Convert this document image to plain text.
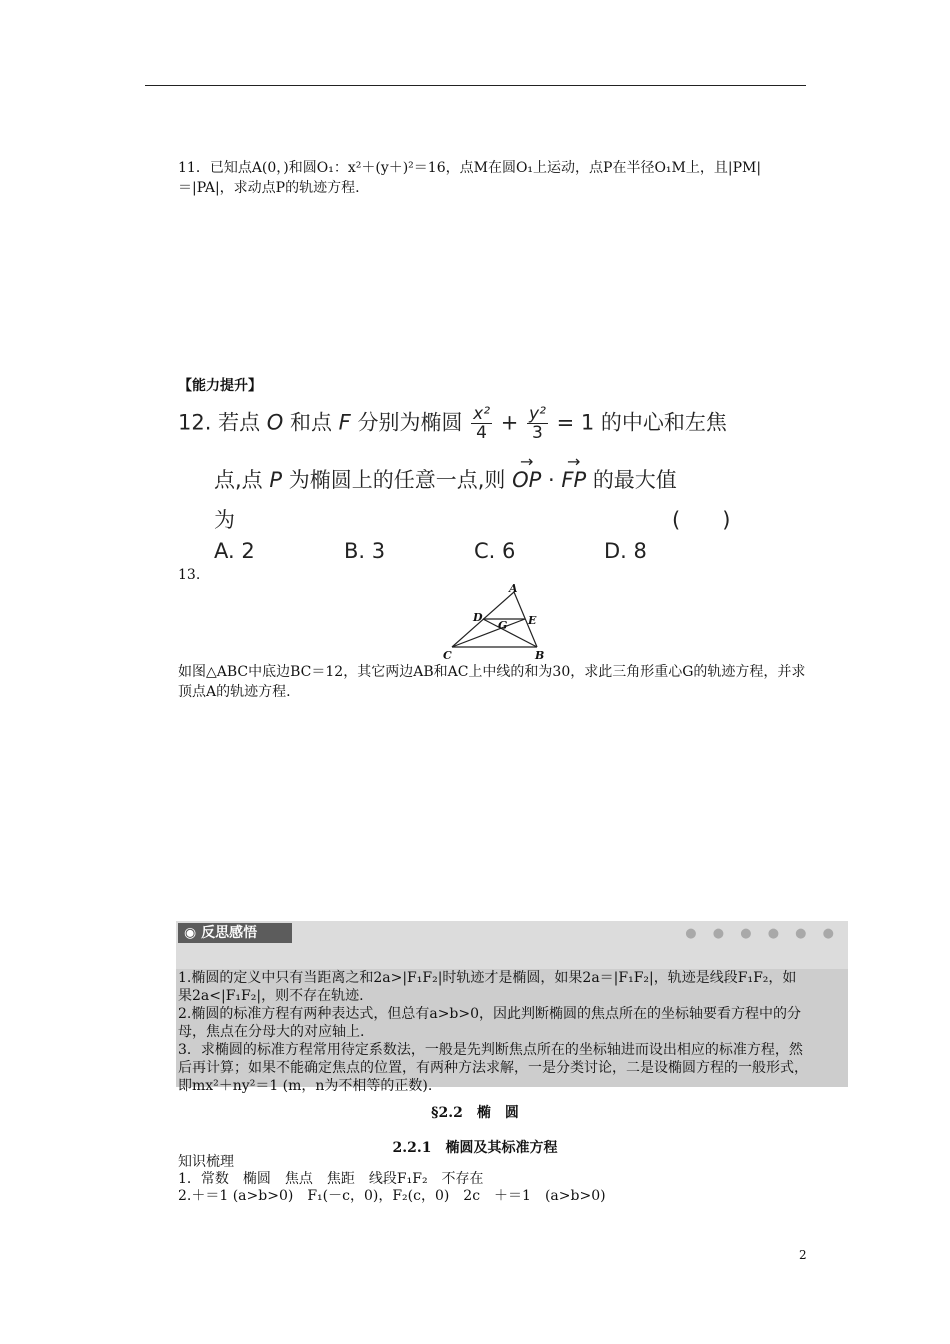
11．已知点A(0，)和圆O₁：x²＋(y＋)²＝16，点M在圆O₁上运动，点P在半径O₁M上，且|PM|＝|PA|，求动点P的轨迹方程.
【能力提升】
12. 若点 O 和点 F 分别为椭圆 $\frac{\text{x²}}{4} + \frac{\text{y²}}{3} = 1$ 的中心和左焦
点,点 P 为椭圆上的任意一点,则 → OP · → FP 的最大值
为	(　　)
A. 2	B. 3	C. 6	D. 8
13.
A
B
C
D	E
G
如图△ABC中底边BC＝12，其它两边AB和AC上中线的和为30，求此三角形重心G的轨迹方程，并求顶点A的轨迹方程.
◉ 反思感悟	● ● ● ● ● ●
1.椭圆的定义中只有当距离之和2a>|F₁F₂|时轨迹才是椭圆，如果2a＝|F₁F₂|，轨迹是线段F₁F₂，如果2a<|F₁F₂|，则不存在轨迹.
2.椭圆的标准方程有两种表达式，但总有a>b>0，因此判断椭圆的焦点所在的坐标轴要看方程中的分母，焦点在分母大的对应轴上.
3．求椭圆的标准方程常用待定系数法，一般是先判断焦点所在的坐标轴进而设出相应的标准方程，然后再计算；如果不能确定焦点的位置，有两种方法求解，一是分类讨论，二是设椭圆方程的一般形式，即mx²＋ny²＝1 (m，n为不相等的正数).
§2.2　椭　圆
2.2.1　椭圆及其标准方程
知识梳理
1．常数　椭圆　焦点　焦距　线段F₁F₂　不存在
2.＋＝1 (a>b>0)　F₁(－c，0)，F₂(c，0)　2c　＋＝1　(a>b>0)
2
